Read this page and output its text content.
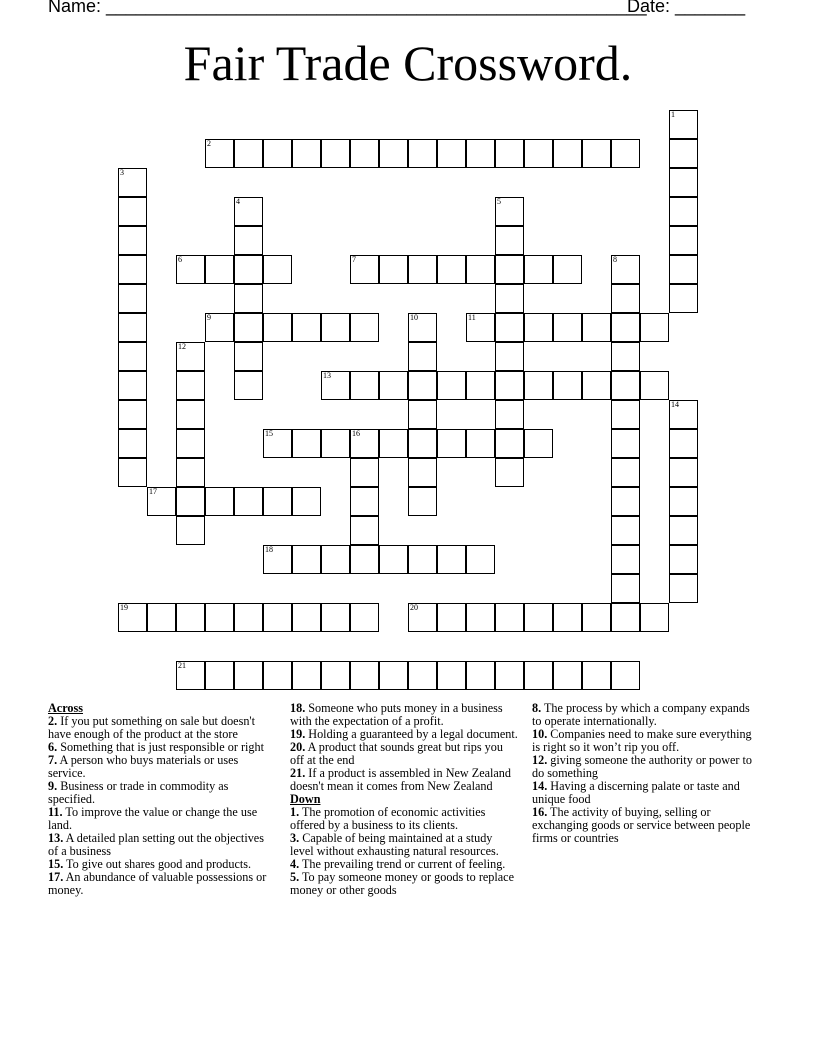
Name: ______________________________________________________
Date: _______
Fair Trade Crossword.
1
2
3
4	5
6	7	8
9	10	11
12
13
14
15	16
17
18
19	20
21
Across
2. If you put something on sale but doesn't have enough of the product at the store
6. Something that is just responsible or right
7. A person who buys materials or uses service.
9. Business or trade in commodity as specified.
11. To improve the value or change the use land.
13. A detailed plan setting out the objectives of a business
15. To give out shares good and products.
17. An abundance of valuable possessions or money.
18. Someone who puts money in a business with the expectation of a profit.
19. Holding a guaranteed by a legal document.
20. A product that sounds great but rips you off at the end
21. If a product is assembled in New Zealand doesn't mean it comes from New Zealand
Down
1. The promotion of economic activities offered by a business to its clients.
3. Capable of being maintained at a study level without exhausting natural resources.
4. The prevailing trend or current of feeling.
5. To pay someone money or goods to replace money or other goods
8. The process by which a company expands to operate internationally.
10. Companies need to make sure everything is right so it won’t rip you off.
12. giving someone the authority or power to do something
14. Having a discerning palate or taste and unique food
16. The activity of buying, selling or exchanging goods or service between people firms or countries
